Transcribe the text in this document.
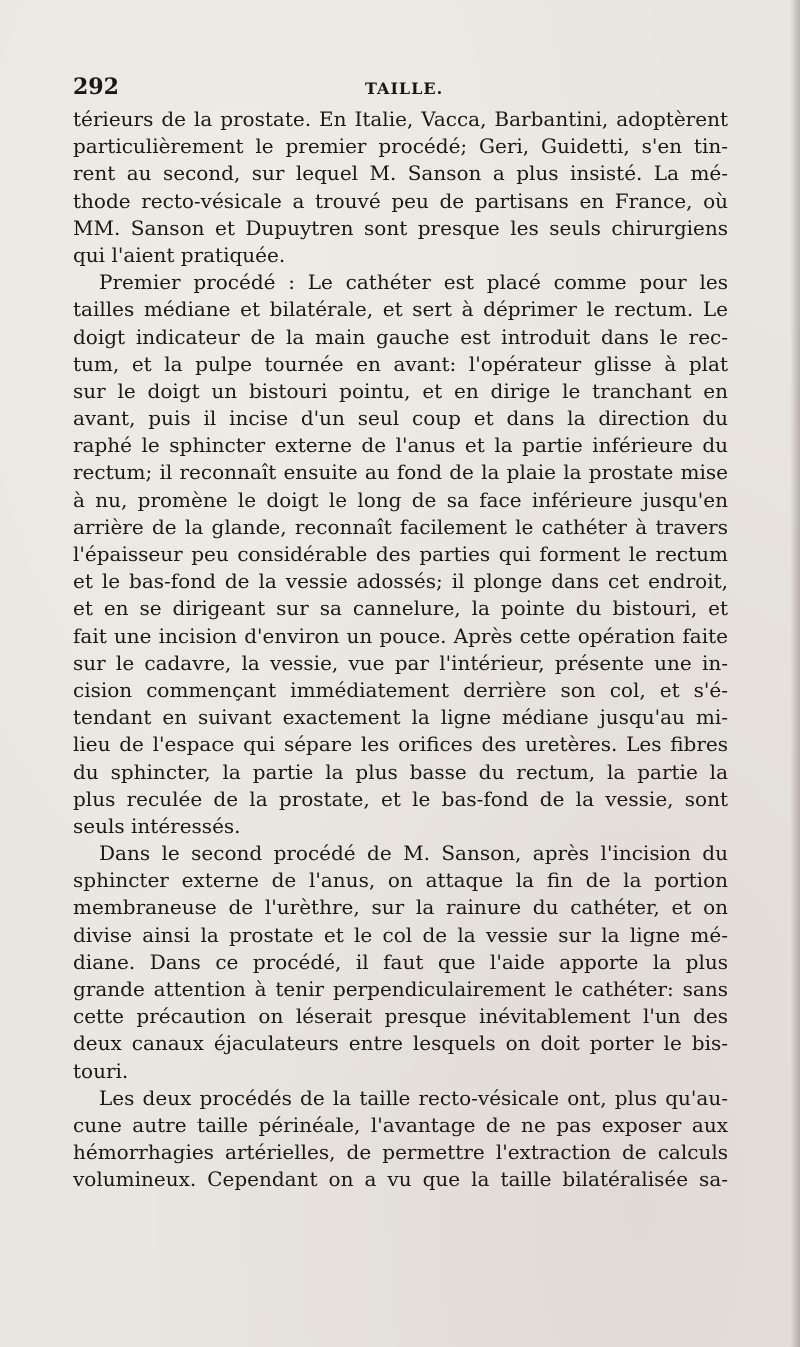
292	TAILLE.
térieurs de la prostate. En Italie, Vacca, Barbantini, adoptèrent
particulièrement le premier procédé; Geri, Guidetti, s'en tin-
rent au second, sur lequel M. Sanson a plus insisté. La mé-
thode recto-vésicale a trouvé peu de partisans en France, où
MM. Sanson et Dupuytren sont presque les seuls chirurgiens
qui l'aient pratiquée.
Premier procédé : Le cathéter est placé comme pour les
tailles médiane et bilatérale, et sert à déprimer le rectum. Le
doigt indicateur de la main gauche est introduit dans le rec-
tum, et la pulpe tournée en avant: l'opérateur glisse à plat
sur le doigt un bistouri pointu, et en dirige le tranchant en
avant, puis il incise d'un seul coup et dans la direction du
raphé le sphincter externe de l'anus et la partie inférieure du
rectum; il reconnaît ensuite au fond de la plaie la prostate mise
à nu, promène le doigt le long de sa face inférieure jusqu'en
arrière de la glande, reconnaît facilement le cathéter à travers
l'épaisseur peu considérable des parties qui forment le rectum
et le bas-fond de la vessie adossés; il plonge dans cet endroit,
et en se dirigeant sur sa cannelure, la pointe du bistouri, et
fait une incision d'environ un pouce. Après cette opération faite
sur le cadavre, la vessie, vue par l'intérieur, présente une in-
cision commençant immédiatement derrière son col, et s'é-
tendant en suivant exactement la ligne médiane jusqu'au mi-
lieu de l'espace qui sépare les orifices des uretères. Les fibres
du sphincter, la partie la plus basse du rectum, la partie la
plus reculée de la prostate, et le bas-fond de la vessie, sont
seuls intéressés.
Dans le second procédé de M. Sanson, après l'incision du
sphincter externe de l'anus, on attaque la fin de la portion
membraneuse de l'urèthre, sur la rainure du cathéter, et on
divise ainsi la prostate et le col de la vessie sur la ligne mé-
diane. Dans ce procédé, il faut que l'aide apporte la plus
grande attention à tenir perpendiculairement le cathéter: sans
cette précaution on léserait presque inévitablement l'un des
deux canaux éjaculateurs entre lesquels on doit porter le bis-
touri.
Les deux procédés de la taille recto-vésicale ont, plus qu'au-
cune autre taille périnéale, l'avantage de ne pas exposer aux
hémorrhagies artérielles, de permettre l'extraction de calculs
volumineux. Cependant on a vu que la taille bilatéralisée sa-
